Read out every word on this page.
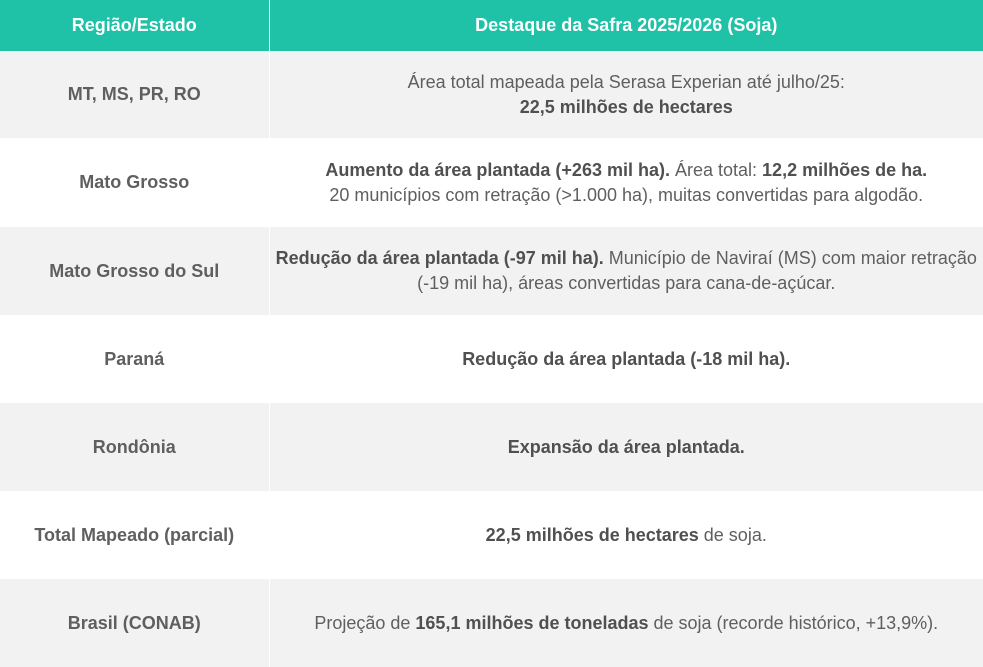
Região/Estado	Destaque da Safra 2025/2026 (Soja)
MT, MS, PR, RO	Área total mapeada pela Serasa Experian até julho/25:
22,5 milhões de hectares
Mato Grosso	Aumento da área plantada (+263 mil ha). Área total: 12,2 milhões de ha.
20 municípios com retração (>1.000 ha), muitas convertidas para algodão.
Mato Grosso do Sul	Redução da área plantada (-97 mil ha). Município de Naviraí (MS) com maior retração (-19 mil ha), áreas convertidas para cana-de-açúcar.
Paraná	Redução da área plantada (-18 mil ha).
Rondônia	Expansão da área plantada.
Total Mapeado (parcial)	22,5 milhões de hectares de soja.
Brasil (CONAB)	Projeção de 165,1 milhões de toneladas de soja (recorde histórico, +13,9%).
